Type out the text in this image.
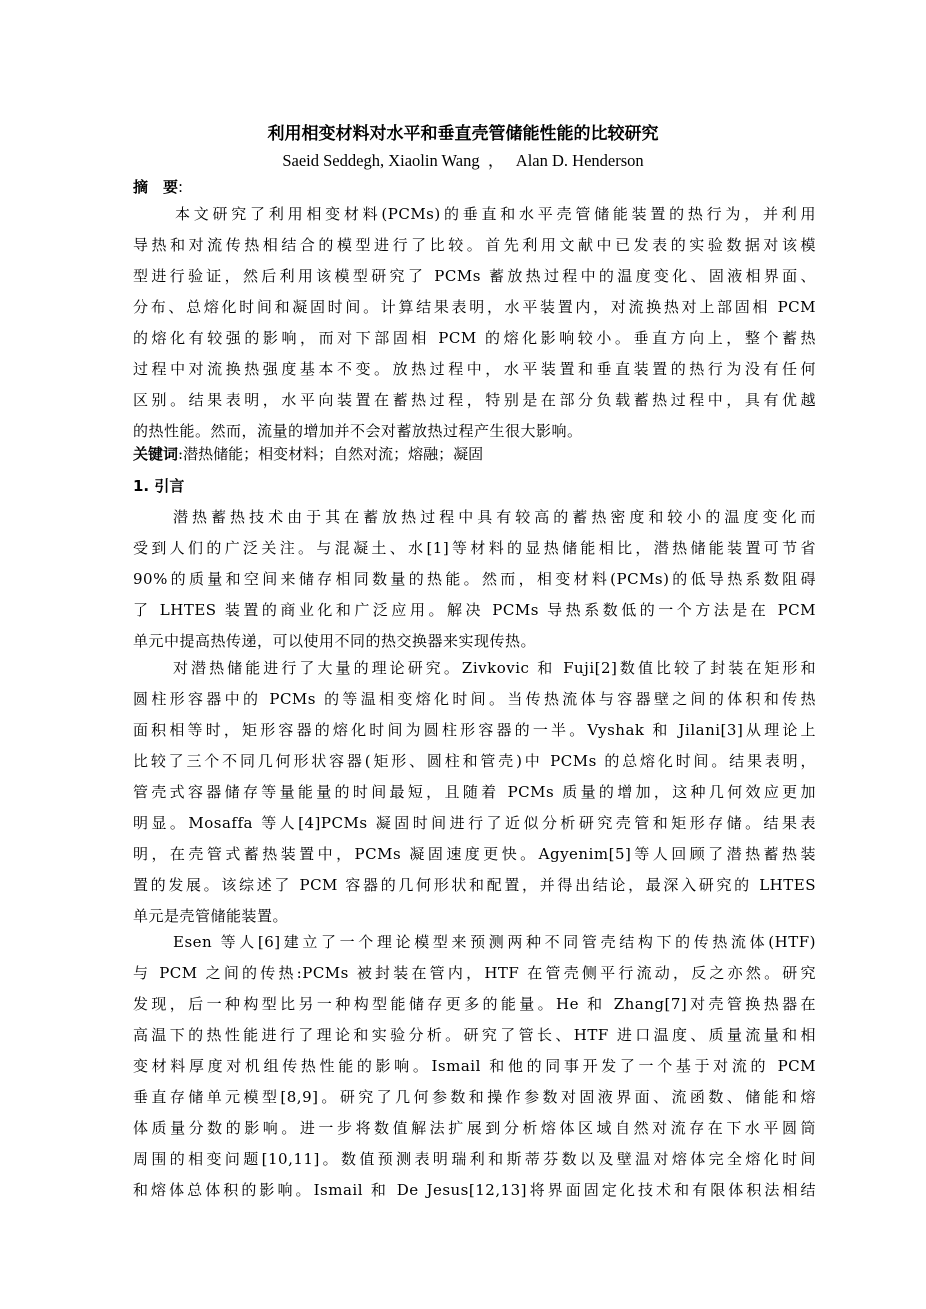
利用相变材料对水平和垂直壳管储能性能的比较研究
Saeid Seddegh, Xiaolin Wang  ，   Alan D. Henderson
摘 要:
本文研究了利用相变材料(PCMs)的垂直和水平壳管储能装置的热行为，并利用
导热和对流传热相结合的模型进行了比较。首先利用文献中已发表的实验数据对该模
型进行验证，然后利用该模型研究了 PCMs 蓄放热过程中的温度变化、固液相界面、
分布、总熔化时间和凝固时间。计算结果表明，水平装置内，对流换热对上部固相 PCM
的熔化有较强的影响，而对下部固相 PCM 的熔化影响较小。垂直方向上，整个蓄热
过程中对流换热强度基本不变。放热过程中，水平装置和垂直装置的热行为没有任何
区别。结果表明，水平向装置在蓄热过程，特别是在部分负载蓄热过程中，具有优越
的热性能。然而，流量的增加并不会对蓄放热过程产生很大影响。
关键词:潜热储能；相变材料；自然对流；熔融；凝固
1. 引言
潜热蓄热技术由于其在蓄放热过程中具有较高的蓄热密度和较小的温度变化而
受到人们的广泛关注。与混凝土、水[1]等材料的显热储能相比，潜热储能装置可节省
90%的质量和空间来储存相同数量的热能。然而，相变材料(PCMs)的低导热系数阻碍
了 LHTES 装置的商业化和广泛应用。解决 PCMs 导热系数低的一个方法是在 PCM
单元中提高热传递，可以使用不同的热交换器来实现传热。
对潜热储能进行了大量的理论研究。Zivkovic 和 Fuji[2]数值比较了封装在矩形和
圆柱形容器中的 PCMs 的等温相变熔化时间。当传热流体与容器壁之间的体积和传热
面积相等时，矩形容器的熔化时间为圆柱形容器的一半。Vyshak 和 Jilani[3]从理论上
比较了三个不同几何形状容器(矩形、圆柱和管壳)中 PCMs 的总熔化时间。结果表明，
管壳式容器储存等量能量的时间最短，且随着 PCMs 质量的增加，这种几何效应更加
明显。Mosaffa 等人[4]PCMs 凝固时间进行了近似分析研究壳管和矩形存储。结果表
明，在壳管式蓄热装置中，PCMs 凝固速度更快。Agyenim[5]等人回顾了潜热蓄热装
置的发展。该综述了 PCM 容器的几何形状和配置，并得出结论，最深入研究的 LHTES
单元是壳管储能装置。
Esen 等人[6]建立了一个理论模型来预测两种不同管壳结构下的传热流体(HTF)
与 PCM 之间的传热:PCMs 被封装在管内，HTF 在管壳侧平行流动，反之亦然。研究
发现，后一种构型比另一种构型能储存更多的能量。He 和 Zhang[7]对壳管换热器在
高温下的热性能进行了理论和实验分析。研究了管长、HTF 进口温度、质量流量和相
变材料厚度对机组传热性能的影响。Ismail 和他的同事开发了一个基于对流的 PCM
垂直存储单元模型[8,9]。研究了几何参数和操作参数对固液界面、流函数、储能和熔
体质量分数的影响。进一步将数值解法扩展到分析熔体区域自然对流存在下水平圆筒
周围的相变问题[10,11]。数值预测表明瑞利和斯蒂芬数以及壁温对熔体完全熔化时间
和熔体总体积的影响。Ismail 和 De Jesus[12,13]将界面固定化技术和有限体积法相结
